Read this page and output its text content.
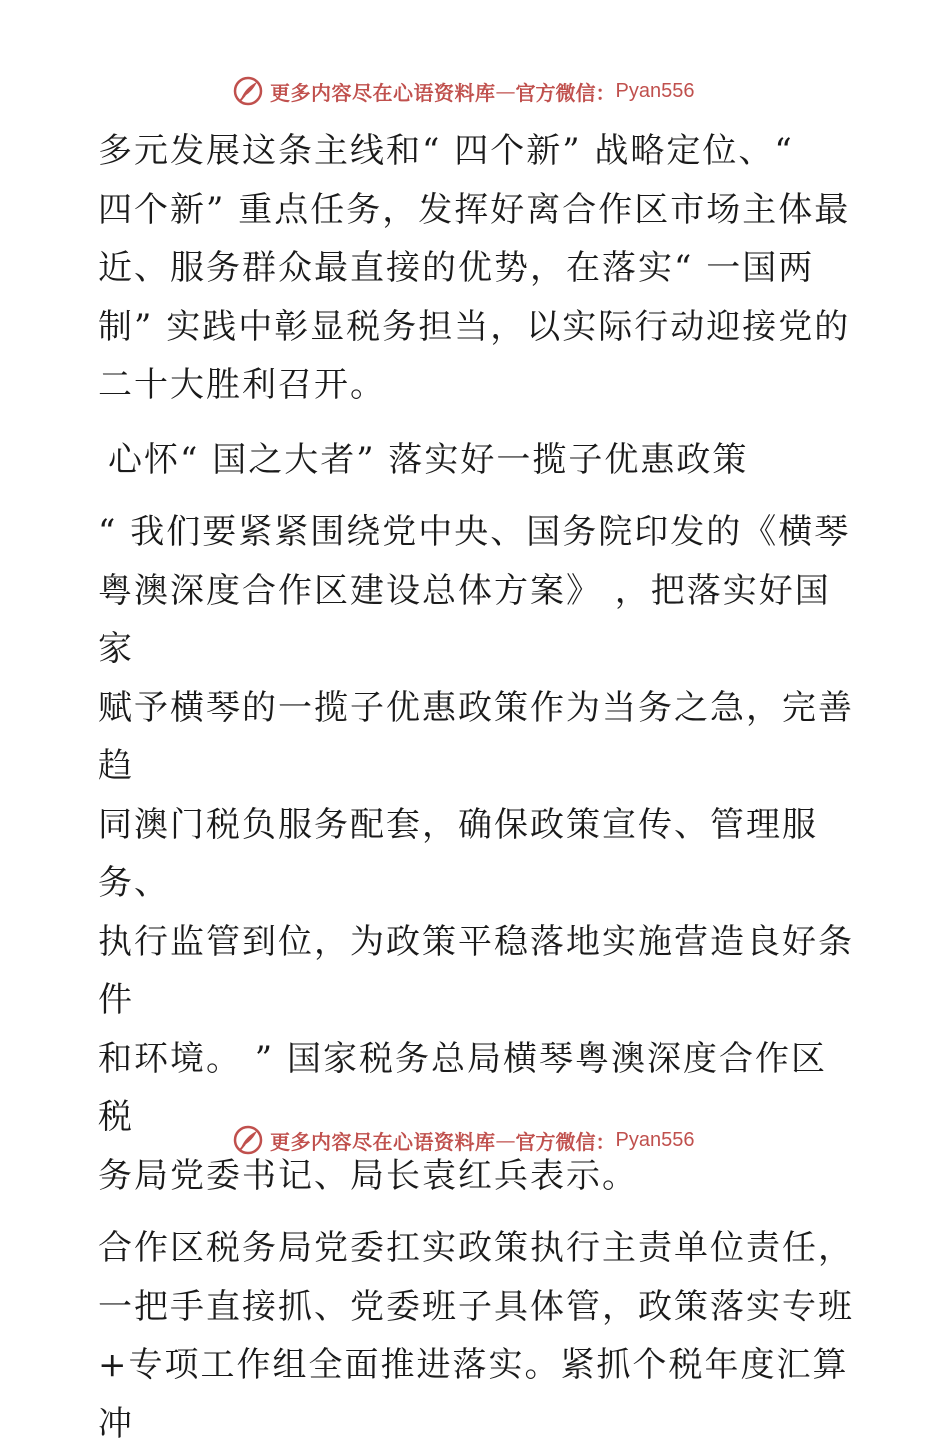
更多内容尽在心语资料库 — 官方微信： Pyan556

多元发展这条主线和“ 四个新” 战略定位、“
四个新” 重点任务，发挥好离合作区市场主体最
近、服务群众最直接的优势，在落实“ 一国两
制” 实践中彰显税务担当，以实际行动迎接党的
二十大胜利召开。

心怀“ 国之大者” 落实好一揽子优惠政策

“ 我们要紧紧围绕党中央、国务院印发的《横琴
粤澳深度合作区建设总体方案》 ，把落实好国家
赋予横琴的一揽子优惠政策作为当务之急，完善趋
同澳门税负服务配套，确保政策宣传、管理服务、
执行监管到位，为政策平稳落地实施营造良好条件
和环境。 ” 国家税务总局横琴粤澳深度合作区税
务局党委书记、局长袁红兵表示。

合作区税务局党委扛实政策执行主责单位责任，
一把手直接抓、党委班子具体管，政策落实专班
+专项工作组全面推进落实。紧抓个税年度汇算冲

更多内容尽在心语资料库 — 官方微信： Pyan556
